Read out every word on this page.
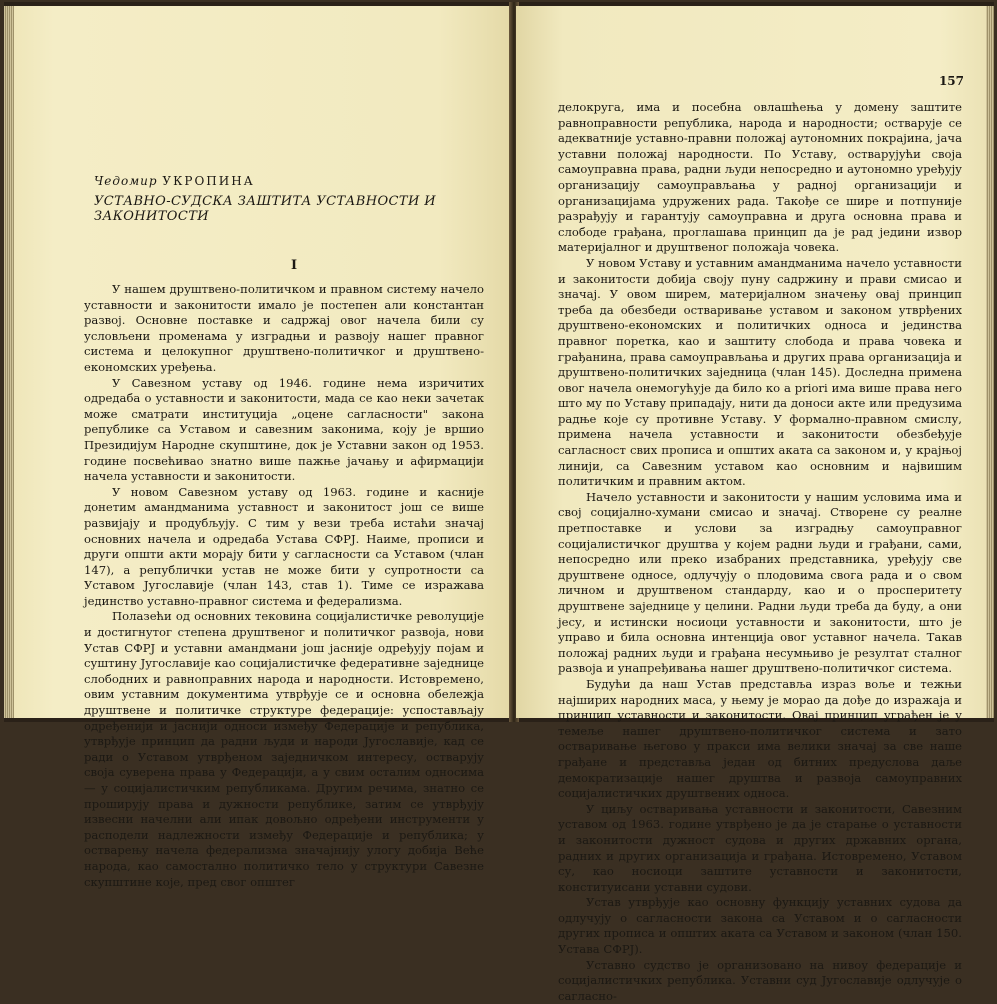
Чедомир УКРОПИНА
УСТАВНО-СУДСКА ЗАШТИТА УСТАВНОСТИ И ЗАКОНИТОСТИ
I

У нашем друштвено-политичком и правном систему начело уставности и законитости имало је постепен али константан развој. Основне поставке и садржај овог начела били су условљени променама у изградњи и развоју нашег правног система и целокупног друштвено-политичког и друштвено-економских уређења.

У Савезном уставу од 1946. године нема изричитих одредаба о уставности и законитости, мада се као неки зачетак може сматрати институција „оцене сагласности" закона републике са Уставом и савезним законима, коју је вршио Президијум Народне скупштине, док је Уставни закон од 1953. године посвећивао знатно више пажње јачању и афирмацији начела уставности и законитости.

У новом Савезном уставу од 1963. године и касније донетим амандманима уставност и законитост још се више развијају и продубљују. С тим у вези треба истаћи значај основних начела и одредаба Устава СФРЈ. Наиме, прописи и други општи акти морају бити у сагласности са Уставом (члан 147), а републички устав не може бити у супротности са Уставом Југославије (члан 143, став 1). Тиме се изражава јединство уставно-правног система и федерализма.

Полазећи од основних тековина социјалистичке револуције и достигнутог степена друштвеног и политичког развоја, нови Устав СФРЈ и уставни амандмани још јасније одређују појам и суштину Југославије као социјалистичке федеративне заједнице слободних и равноправних народа и народности. Истовремено, овим уставним документима утврђује се и основна обележја друштвене и политичке структуре федерације: успостављају одређенији и јаснији односи између Федерације и република, утврђује принцип да радни људи и народи Југославије, кад се ради о Уставом утврђеном заједничком интересу, остварују своја суверена права у Федерацији, а у свим осталим односима — у социјалистичким републикама. Другим речима, знатно се проширују права и дужности републике, затим се утврђују извесни начелни али ипак довољно одређени инструменти у расподели надлежности између Федерације и република; у остварењу начела федерализма значајнију улогу добија Веће народа, као самостално политичко тело у структури Савезне скупштине које, пред свог општег

157

делокруга, има и посебна овлашћења у домену заштите равноправности република, народа и народности; остварује се адекватније уставно-правни положај аутономних покрајина, јача уставни положај народности. По Уставу, остварујући своја самоуправна права, радни људи непосредно и аутономно уређују организацију самоуправљања у радној организацији и организацијама удружених рада. Такође се шире и потпуније разрађују и гарантују самоуправна и друга основна права и слободе грађана, проглашава принцип да је рад једини извор материјалног и друштвеног положаја човека.

У новом Уставу и уставним амандманима начело уставности и законитости добија своју пуну садржину и прави смисао и значај. У овом ширем, материјалном значењу овај принцип треба да обезбеди остваривање уставом и законом утврђених друштвено-економских и политичких односа и јединства правног поретка, као и заштиту слобода и права човека и грађанина, права самоуправљања и других права организација и друштвено-политичких заједница (члан 145). Доследна примена овог начела онемогућује да било ко a priori има више права него што му по Уставу припадају, нити да доноси акте или предузима радње које су противне Уставу. У формално-правном смислу, примена начела уставности и законитости обезбеђује сагласност свих прописа и општих аката са законом и, у крајњој линији, са Савезним уставом као основним и највишим политичким и правним актом.

Начело уставности и законитости у нашим условима има и свој социјално-хумани смисао и значај. Створене су реалне претпоставке и услови за изградњу самоуправног социјалистичког друштва у којем радни људи и грађани, сами, непосредно или преко изабраних представника, уређују све друштвене односе, одлучују о плодовима свога рада и о свом личном и друштвеном стандарду, као и о просперитету друштвене заједнице у целини. Радни људи треба да буду, а они јесу, и истински носиоци уставности и законитости, што је управо и била основна интенција овог уставног начела. Такав положај радних људи и грађана несумњиво је резултат сталног развоја и унапређивања нашег друштвено-политичког система.

Будући да наш Устав представља израз воље и тежњи најширих народних маса, у њему је морао да дође до изражаја и принцип уставности и законитости. Овај принцип уграђен је у темеље нашег друштвено-политичког система и зато остваривање његово у пракси има велики значај за све наше грађане и представља један од битних предуслова даље демократизације нашег друштва и развоја самоуправних социјалистичких друштвених односа.

У циљу остваривања уставности и законитости, Савезним уставом од 1963. године утврђено је да је старање о уставности и законитости дужност судова и других државних органа, радних и других организација и грађана. Истовремено, Уставом су, као носиоци заштите уставности и законитости, конституисани уставни судови.

Устав утврђује као основну функцију уставних судова да одлучују о сагласности закона са Уставом и о сагласности других прописа и општих аката са Уставом и законом (члан 150. Устава СФРЈ).

Уставно судство је организовано на нивоу федерације и социјалистичких република. Уставни суд Југославије одлучује о сагласно-
